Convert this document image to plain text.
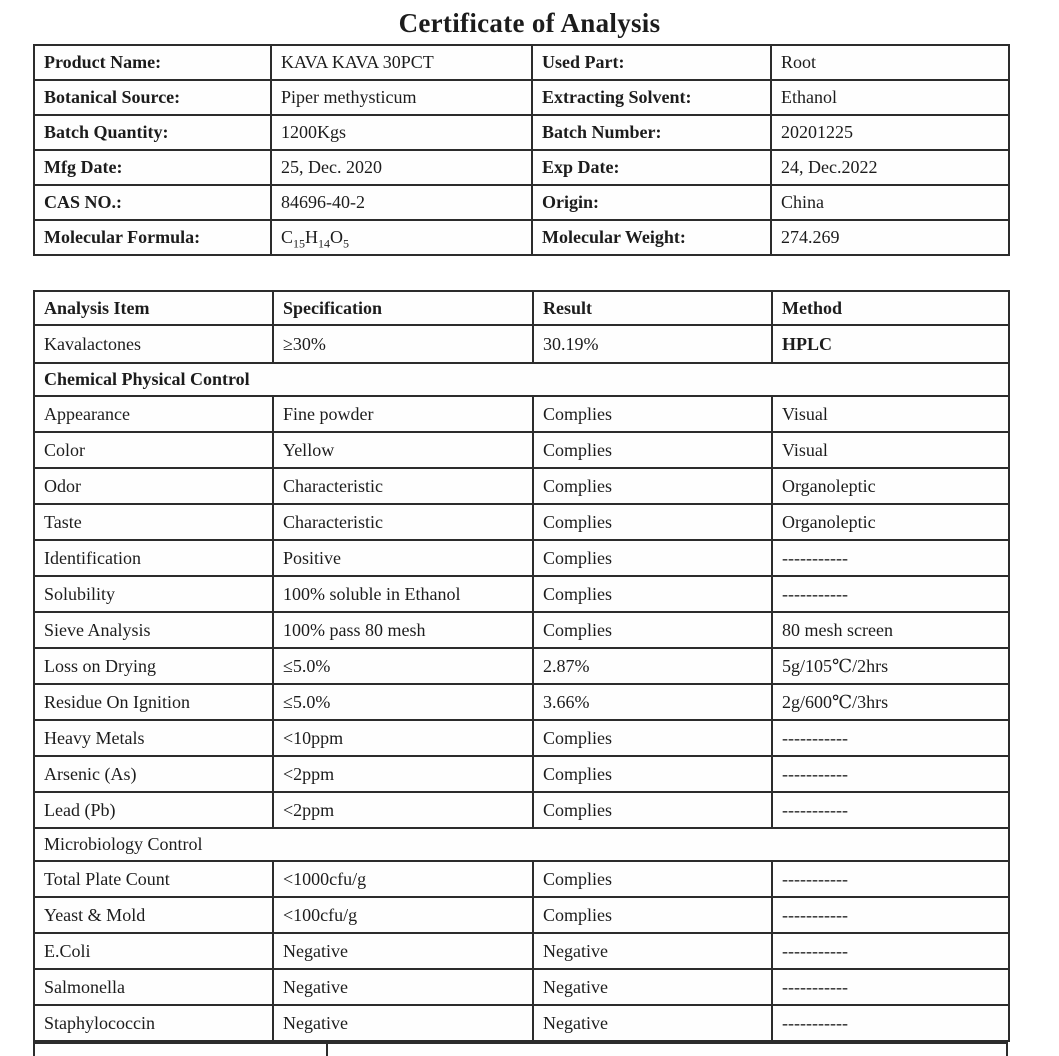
Certificate of Analysis
Product Name:	KAVA KAVA 30PCT	Used Part:	Root
Botanical Source:	Piper methysticum	Extracting Solvent:	Ethanol
Batch Quantity:	1200Kgs	Batch Number:	20201225
Mfg Date:	25, Dec. 2020	Exp Date:	24, Dec.2022
CAS NO.:	84696-40-2	Origin:	China
Molecular Formula:	$C_{15}H_{14}O_5$	Molecular Weight:	274.269
Analysis Item	Specification	Result	Method
Kavalactones	≥30%	30.19%	HPLC
Chemical Physical Control			
Appearance	Fine powder	Complies	Visual
Color	Yellow	Complies	Visual
Odor	Characteristic	Complies	Organoleptic
Taste	Characteristic	Complies	Organoleptic
Identification	Positive	Complies	-----------
Solubility	100% soluble in Ethanol	Complies	-----------
Sieve Analysis	100% pass 80 mesh	Complies	80 mesh screen
Loss on Drying	≤5.0%	2.87%	5g/105℃/2hrs
Residue On Ignition	≤5.0%	3.66%	2g/600℃/3hrs
Heavy Metals	<10ppm	Complies	-----------
Arsenic (As)	<2ppm	Complies	-----------
Lead (Pb)	<2ppm	Complies	-----------
Microbiology Control			
Total Plate Count	<1000cfu/g	Complies	-----------
Yeast & Mold	<100cfu/g	Complies	-----------
E.Coli	Negative	Negative	-----------
Salmonella	Negative	Negative	-----------
Staphylococcin	Negative	Negative	-----------
